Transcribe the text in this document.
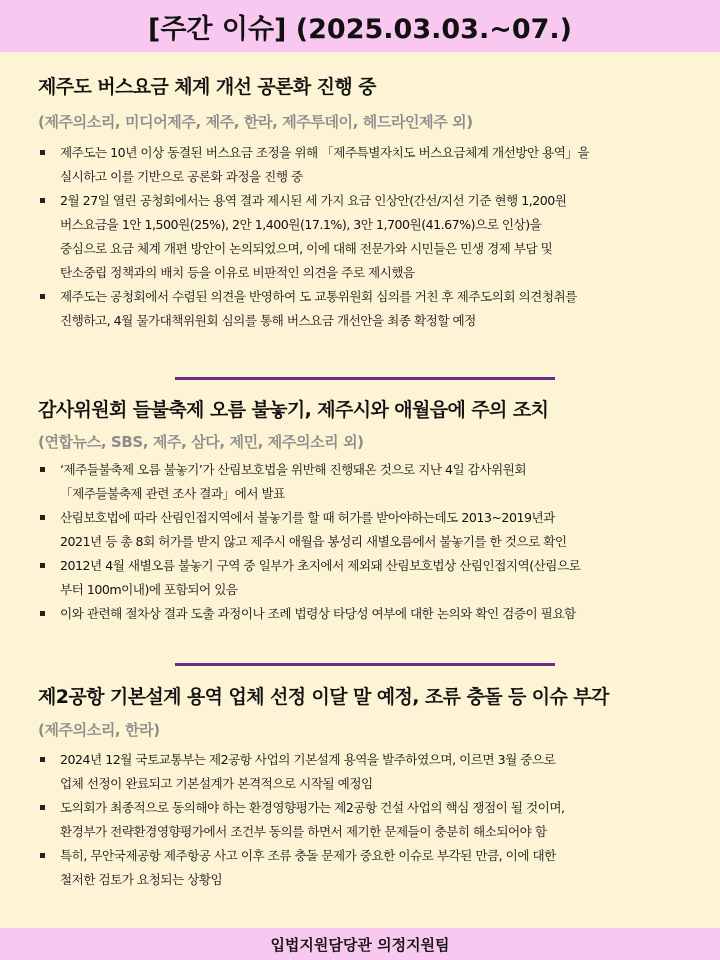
[주간 이슈] (2025.03.03.~07.)
제주도 버스요금 체계 개선 공론화 진행 중
(제주의소리, 미디어제주, 제주, 한라, 제주투데이, 헤드라인제주 외)
제주도는 10년 이상 동결된 버스요금 조정을 위해 「제주특별자치도 버스요금체계 개선방안 용역」을
실시하고 이를 기반으로 공론화 과정을 진행 중
2월 27일 열린 공청회에서는 용역 결과 제시된 세 가지 요금 인상안(간선/지선 기준 현행 1,200원
버스요금을 1안 1,500원(25%), 2안 1,400원(17.1%), 3안 1,700원(41.67%)으로 인상)을
중심으로 요금 체계 개편 방안이 논의되었으며, 이에 대해 전문가와 시민들은 민생 경제 부담 및
탄소중립 정책과의 배치 등을 이유로 비판적인 의견을 주로 제시했음
제주도는 공청회에서 수렴된 의견을 반영하여 도 교통위원회 심의를 거친 후 제주도의회 의견청취를
진행하고, 4월 물가대책위원회 심의를 통해 버스요금 개선안을 최종 확정할 예정
감사위원회 들불축제 오름 불놓기, 제주시와 애월읍에 주의 조치
(연합뉴스, SBS, 제주, 삼다, 제민, 제주의소리 외)
‘제주들불축제 오름 불놓기’가 산림보호법을 위반해 진행돼온 것으로 지난 4일 감사위원회
「제주들불축제 관련 조사 결과」에서 발표
산림보호법에 따라 산림인접지역에서 불놓기를 할 때 허가를 받아야하는데도 2013~2019년과
2021년 등 총 8회 허가를 받지 않고 제주시 애월읍 봉성리 새별오름에서 불놓기를 한 것으로 확인
2012년 4월 새별오름 불놓기 구역 중 일부가 초지에서 제외돼 산림보호법상 산림인접지역(산림으로
부터 100m이내)에 포함되어 있음
이와 관련해 절차상 결과 도출 과정이나 조례 법령상 타당성 여부에 대한 논의와 확인 검증이 필요함
제2공항 기본설계 용역 업체 선정 이달 말 예정, 조류 충돌 등 이슈 부각
(제주의소리, 한라)
2024년 12월 국토교통부는 제2공항 사업의 기본설계 용역을 발주하였으며, 이르면 3월 중으로
업체 선정이 완료되고 기본설계가 본격적으로 시작될 예정임
도의회가 최종적으로 동의해야 하는 환경영향평가는 제2공항 건설 사업의 핵심 쟁점이 될 것이며,
환경부가 전략환경영향평가에서 조건부 동의를 하면서 제기한 문제들이 충분히 해소되어야 함
특히, 무안국제공항 제주항공 사고 이후 조류 충돌 문제가 중요한 이슈로 부각된 만큼, 이에 대한
철저한 검토가 요청되는 상황임
입법지원담당관 의정지원팀
